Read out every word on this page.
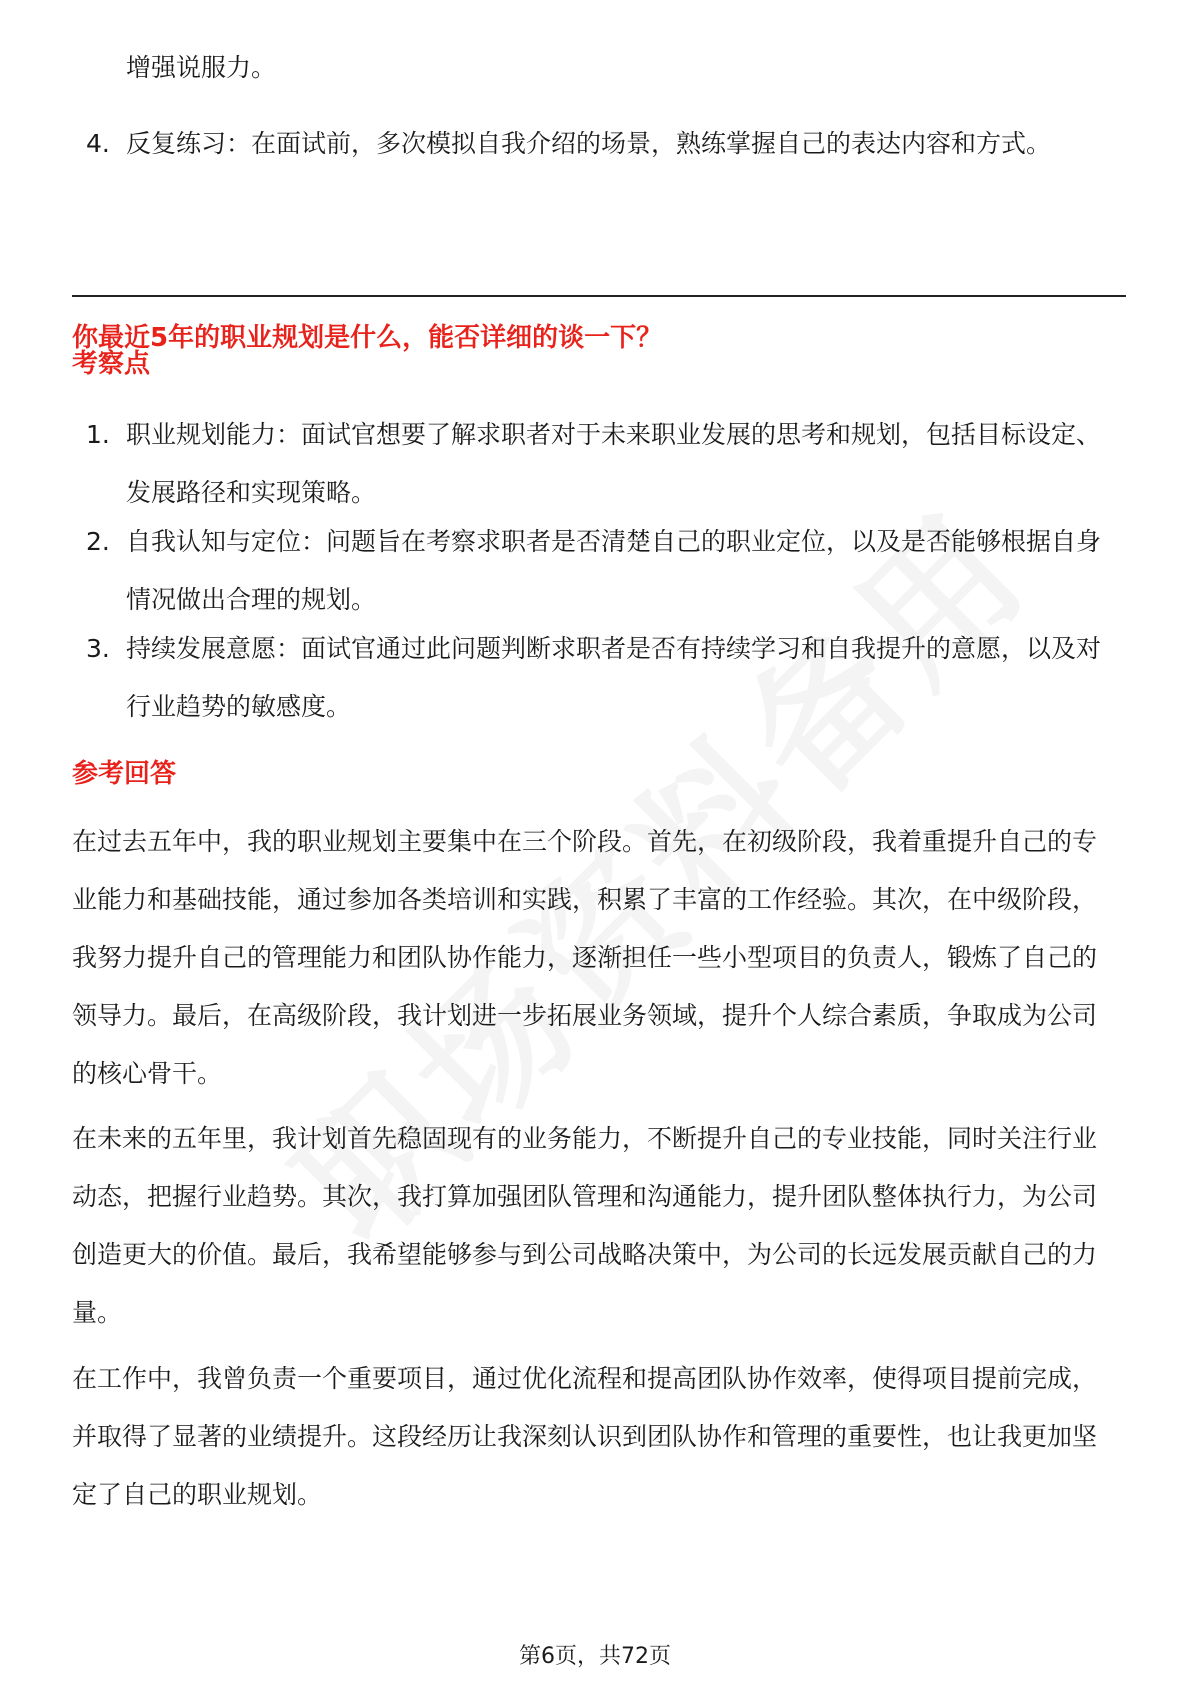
增强说服力。
4. 反复练习：在面试前，多次模拟自我介绍的场景，熟练掌握自己的表达内容和方式。
你最近5年的职业规划是什么，能否详细的谈一下？
考察点
1. 职业规划能力：面试官想要了解求职者对于未来职业发展的思考和规划，包括目标设定、发展路径和实现策略。
2. 自我认知与定位：问题旨在考察求职者是否清楚自己的职业定位，以及是否能够根据自身情况做出合理的规划。
3. 持续发展意愿：面试官通过此问题判断求职者是否有持续学习和自我提升的意愿，以及对行业趋势的敏感度。
参考回答
在过去五年中，我的职业规划主要集中在三个阶段。首先，在初级阶段，我着重提升自己的专业能力和基础技能，通过参加各类培训和实践，积累了丰富的工作经验。其次，在中级阶段，我努力提升自己的管理能力和团队协作能力，逐渐担任一些小型项目的负责人，锻炼了自己的领导力。最后，在高级阶段，我计划进一步拓展业务领域，提升个人综合素质，争取成为公司的核心骨干。
在未来的五年里，我计划首先稳固现有的业务能力，不断提升自己的专业技能，同时关注行业动态，把握行业趋势。其次，我打算加强团队管理和沟通能力，提升团队整体执行力，为公司创造更大的价值。最后，我希望能够参与到公司战略决策中，为公司的长远发展贡献自己的力量。
在工作中，我曾负责一个重要项目，通过优化流程和提高团队协作效率，使得项目提前完成，并取得了显著的业绩提升。这段经历让我深刻认识到团队协作和管理的重要性，也让我更加坚定了自己的职业规划。
第6页，共72页
